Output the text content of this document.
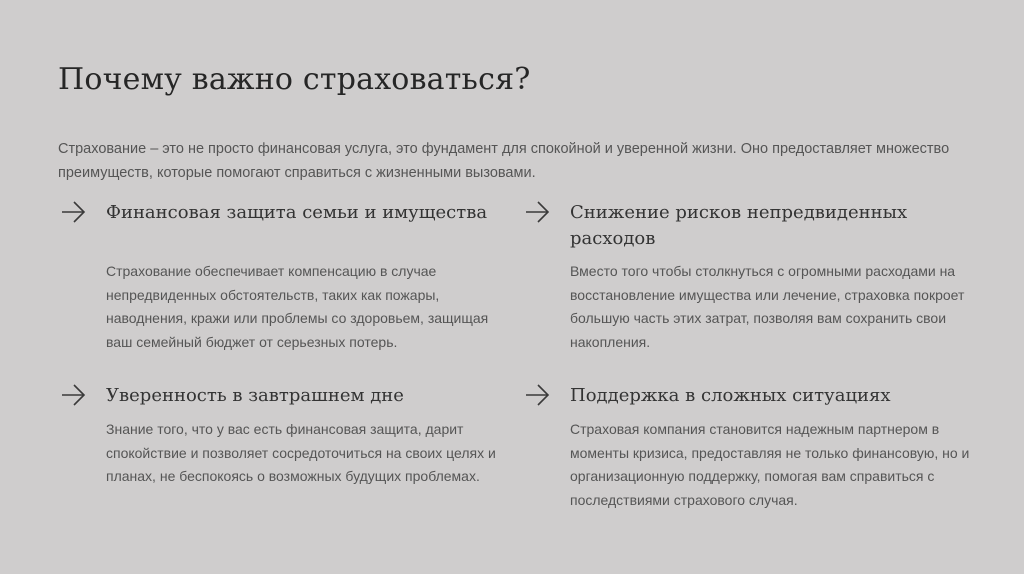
Почему важно страховаться?

Страхование – это не просто финансовая услуга, это фундамент для спокойной и уверенной жизни. Оно предоставляет множество преимуществ, которые помогают справиться с жизненными вызовами.

Финансовая защита семьи и имущества

Страхование обеспечивает компенсацию в случае непредвиденных обстоятельств, таких как пожары, наводнения, кражи или проблемы со здоровьем, защищая ваш семейный бюджет от серьезных потерь.

Снижение рисков непредвиденных расходов

Вместо того чтобы столкнуться с огромными расходами на восстановление имущества или лечение, страховка покроет большую часть этих затрат, позволяя вам сохранить свои накопления.

Уверенность в завтрашнем дне

Знание того, что у вас есть финансовая защита, дарит спокойствие и позволяет сосредоточиться на своих целях и планах, не беспокоясь о возможных будущих проблемах.

Поддержка в сложных ситуациях

Страховая компания становится надежным партнером в моменты кризиса, предоставляя не только финансовую, но и организационную поддержку, помогая вам справиться с последствиями страхового случая.
